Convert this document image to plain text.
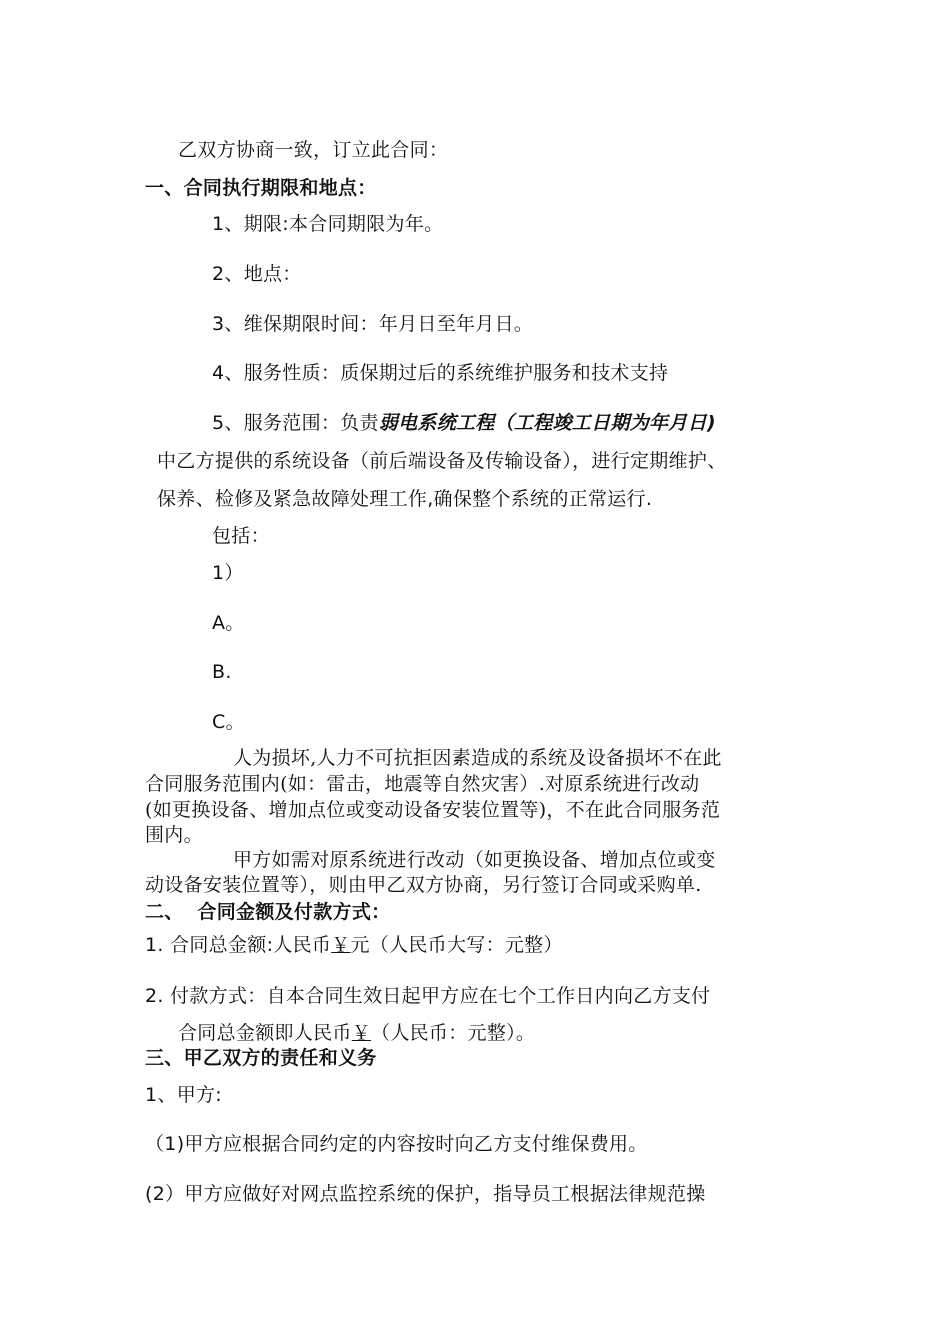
乙双方协商一致，订立此合同：
一、合同执行期限和地点：
1、期限:本合同期限为年。
2、地点：
3、维保期限时间：年月日至年月日。
4、服务性质：质保期过后的系统维护服务和技术支持
5、服务范围：负责弱电系统工程（工程竣工日期为年月日)
中乙方提供的系统设备（前后端设备及传输设备），进行定期维护、
保养、检修及紧急故障处理工作,确保整个系统的正常运行.
包括：
1）
A。
B.
C。
人为损坏,人力不可抗拒因素造成的系统及设备损坏不在此
合同服务范围内(如：雷击，地震等自然灾害）.对原系统进行改动
(如更换设备、增加点位或变动设备安装位置等)，不在此合同服务范
围内。
甲方如需对原系统进行改动（如更换设备、增加点位或变
动设备安装位置等），则由甲乙双方协商，另行签订合同或采购单.
二、  合同金额及付款方式：
1. 合同总金额:人民币￥元（人民币大写：元整）
2. 付款方式：自本合同生效日起甲方应在七个工作日内向乙方支付
合同总金额即人民币￥（人民币：元整）。
三、甲乙双方的责任和义务
1、甲方:
（1)甲方应根据合同约定的内容按时向乙方支付维保费用。
(2）甲方应做好对网点监控系统的保护，指导员工根据法律规范操
